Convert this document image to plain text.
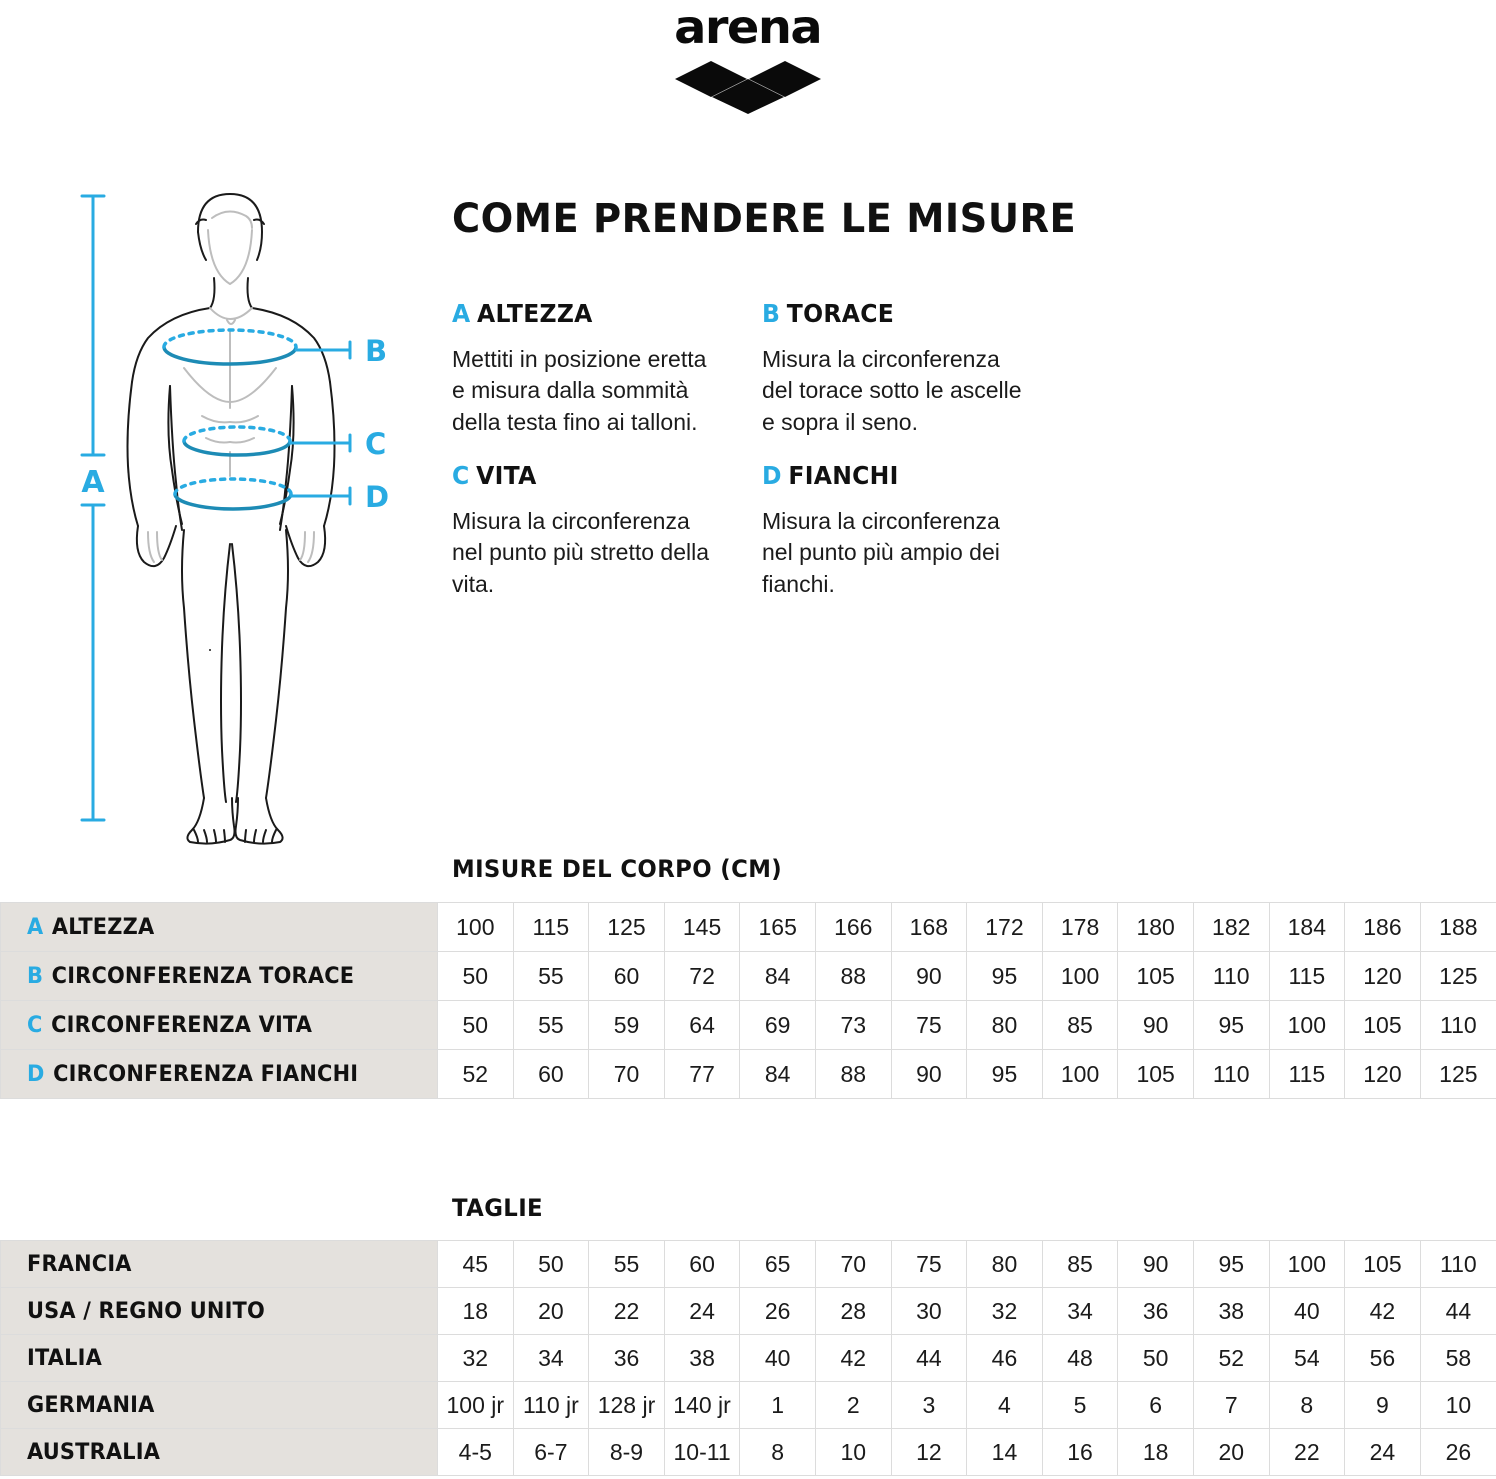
arena
A
B
C
D
COME PRENDERE LE MISURE
A ALTEZZA
Mettiti in posizione eretta e misura dalla sommità della testa fino ai talloni.
B TORACE
Misura la circonferenza del torace sotto le ascelle e sopra il seno.
C VITA
Misura la circonferenza nel punto più stretto della vita.
D FIANCHI
Misura la circonferenza nel punto più ampio dei fianchi.
MISURE DEL CORPO (CM)
A ALTEZZA	100	115	125	145	165	166	168	172	178	180	182	184	186	188

B CIRCONFERENZA TORACE	50	55	60	72	84	88	90	95	100	105	110	115	120	125

C CIRCONFERENZA VITA	50	55	59	64	69	73	75	80	85	90	95	100	105	110

D CIRCONFERENZA FIANCHI	52	60	70	77	84	88	90	95	100	105	110	115	120	125
TAGLIE
FRANCIA	45	50	55	60	65	70	75	80	85	90	95	100	105	110

USA / REGNO UNITO	18	20	22	24	26	28	30	32	34	36	38	40	42	44

ITALIA	32	34	36	38	40	42	44	46	48	50	52	54	56	58

GERMANIA	100 jr	110 jr	128 jr	140 jr	1	2	3	4	5	6	7	8	9	10

AUSTRALIA	4-5	6-7	8-9	10-11	8	10	12	14	16	18	20	22	24	26
